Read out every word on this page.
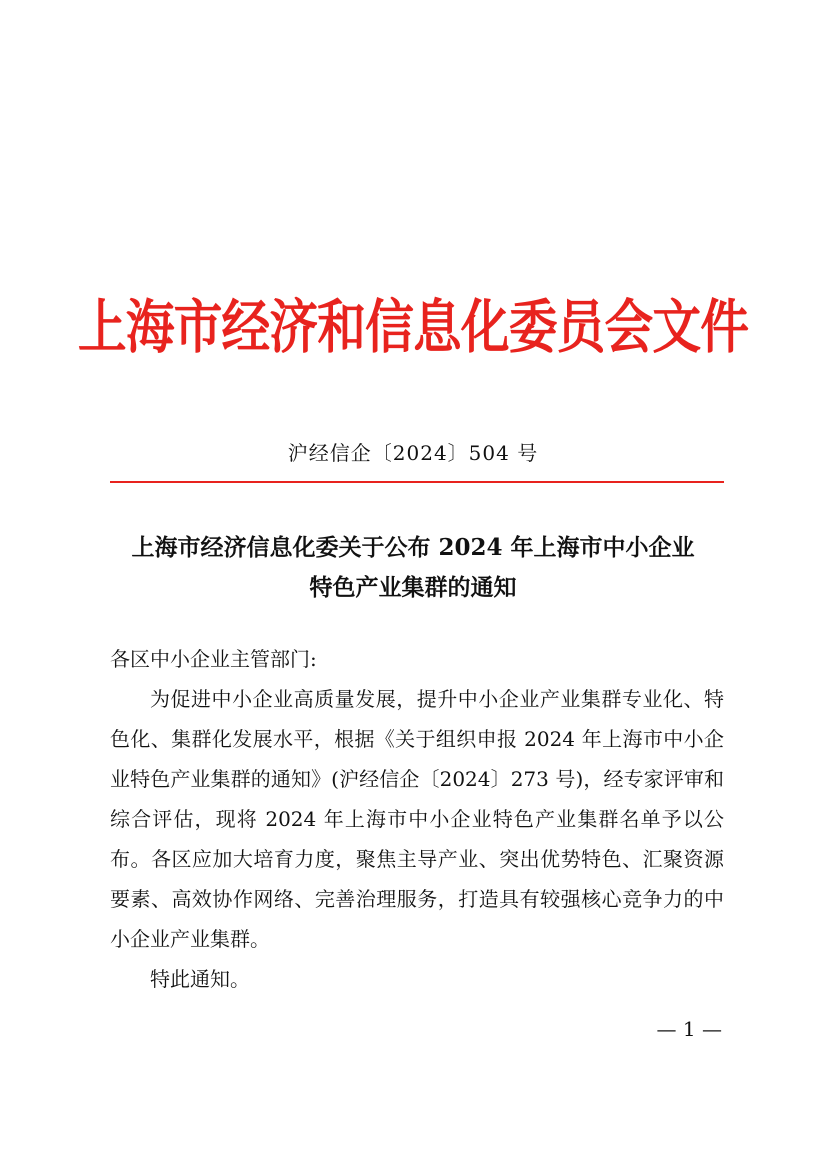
上海市经济和信息化委员会文件
沪经信企〔2024〕504 号
上海市经济信息化委关于公布 2024 年上海市中小企业
特色产业集群的通知

各区中小企业主管部门:

为促进中小企业高质量发展，提升中小企业产业集群专业化、特色化、集群化发展水平，根据《关于组织申报 2024 年上海市中小企业特色产业集群的通知》(沪经信企〔2024〕273 号)，经专家评审和综合评估，现将 2024 年上海市中小企业特色产业集群名单予以公布。各区应加大培育力度，聚焦主导产业、突出优势特色、汇聚资源要素、高效协作网络、完善治理服务，打造具有较强核心竞争力的中小企业产业集群。

特此通知。

— 1 —
